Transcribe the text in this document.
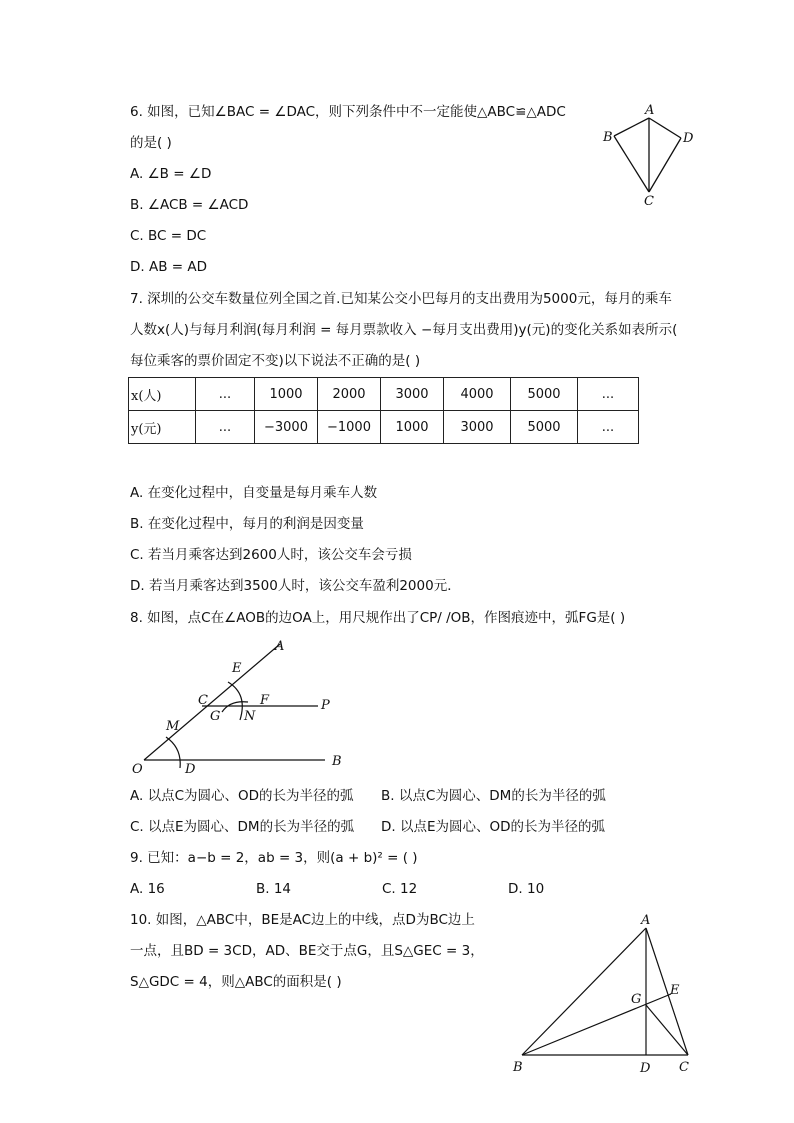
6. 如图，已知∠BAC = ∠DAC，则下列条件中不一定能使△ABC≌△ADC
的是( )
A. ∠B = ∠D
B. ∠ACB = ∠ACD
C. BC = DC
D. AB = AD
A
B	D
C
7. 深圳的公交车数量位列全国之首.已知某公交小巴每月的支出费用为5000元，每月的乘车
人数x(人)与每月利润(每月利润 = 每月票款收入 −每月支出费用)y(元)的变化关系如表所示(
每位乘客的票价固定不变)以下说法不正确的是( )
x(人)	...	1000	2000	3000	4000	5000	...
y(元)	...	−3000	−1000	1000	3000	5000	...
A. 在变化过程中，自变量是每月乘车人数
B. 在变化过程中，每月的利润是因变量
C. 若当月乘客达到2600人时，该公交车会亏损
D. 若当月乘客达到3500人时，该公交车盈利2000元．
8. 如图，点C在∠AOB的边OA上，用尺规作出了CP/ /OB，作图痕迹中，弧FG是( )
A
B
C
D
E
F
G
M
N
O
P
A. 以点C为圆心、OD的长为半径的弧 B. 以点C为圆心、DM的长为半径的弧
C. 以点E为圆心、DM的长为半径的弧 D. 以点E为圆心、OD的长为半径的弧
9. 已知：a−b = 2，ab = 3，则(a + b)² = ( )
A. 16	B. 14	C. 12	D. 10
10. 如图，△ABC中，BE是AC边上的中线，点D为BC边上
一点，且BD = 3CD，AD、BE交于点G，且S△GEC = 3，
S△GDC = 4，则△ABC的面积是( )
A
B	C
D
E
G
